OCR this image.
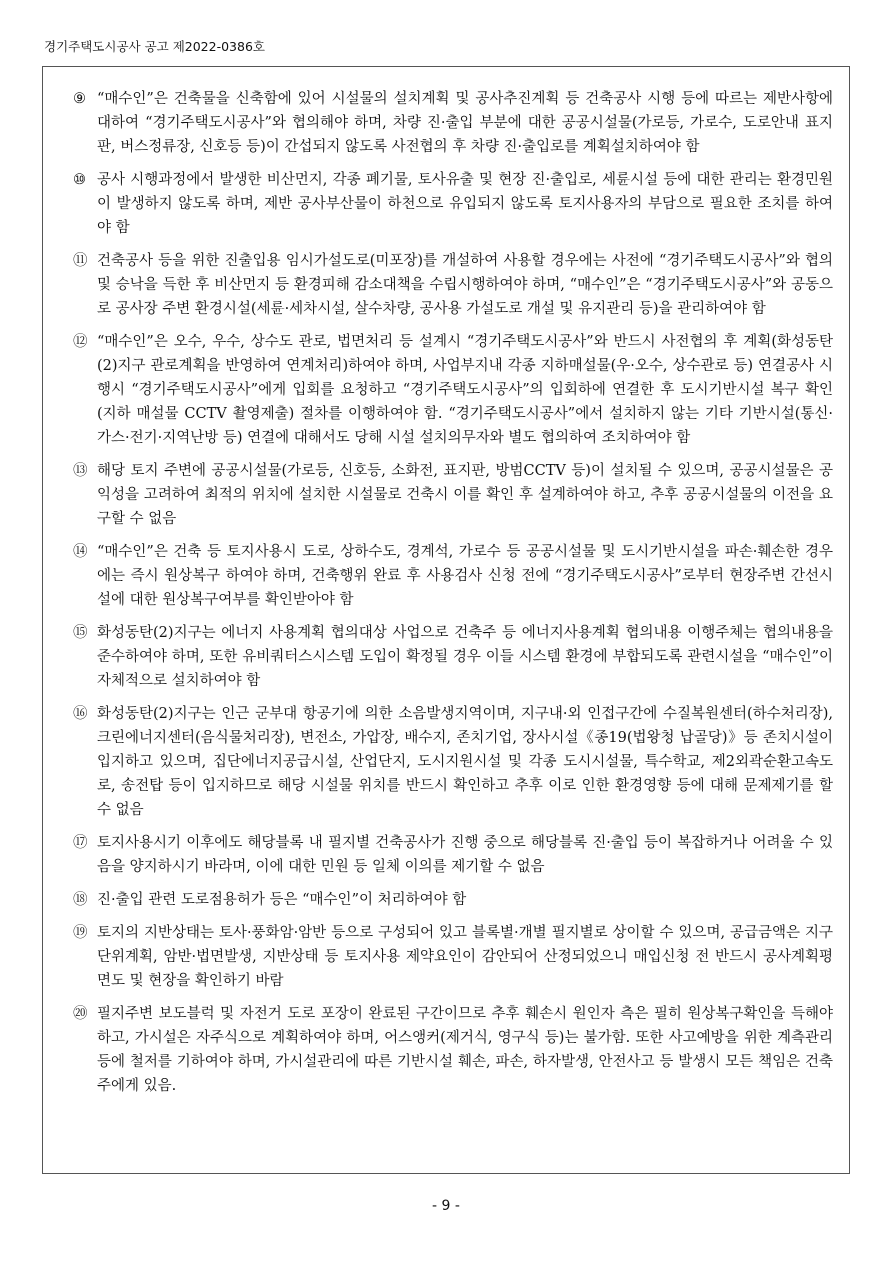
경기주택도시공사 공고 제2022-0386호
⑨ “매수인”은 건축물을 신축함에 있어 시설물의 설치계획 및 공사추진계획 등 건축공사 시행 등에 따르는 제반사항에 대하여 “경기주택도시공사”와 협의해야 하며, 차량 진·출입 부분에 대한 공공시설물(가로등, 가로수, 도로안내 표지판, 버스정류장, 신호등 등)이 간섭되지 않도록 사전협의 후 차량 진·출입로를 계획설치하여야 함
⑩ 공사 시행과정에서 발생한 비산먼지, 각종 폐기물, 토사유출 및 현장 진·출입로, 세륜시설 등에 대한 관리는 환경민원이 발생하지 않도록 하며, 제반 공사부산물이 하천으로 유입되지 않도록 토지사용자의 부담으로 필요한 조치를 하여야 함
⑪ 건축공사 등을 위한 진출입용 임시가설도로(미포장)를 개설하여 사용할 경우에는 사전에 “경기주택도시공사”와 협의 및 승낙을 득한 후 비산먼지 등 환경피해 감소대책을 수립시행하여야 하며, “매수인”은 “경기주택도시공사”와 공동으로 공사장 주변 환경시설(세륜·세차시설, 살수차량, 공사용 가설도로 개설 및 유지관리 등)을 관리하여야 함
⑫ “매수인”은 오수, 우수, 상수도 관로, 법면처리 등 설계시 “경기주택도시공사”와 반드시 사전협의 후 계획(화성동탄(2)지구 관로계획을 반영하여 연계처리)하여야 하며, 사업부지내 각종 지하매설물(우·오수, 상수관로 등) 연결공사 시행시 “경기주택도시공사”에게 입회를 요청하고 “경기주택도시공사”의 입회하에 연결한 후 도시기반시설 복구 확인(지하 매설물 CCTV 촬영제출) 절차를 이행하여야 함. “경기주택도시공사”에서 설치하지 않는 기타 기반시설(통신·가스·전기·지역난방 등) 연결에 대해서도 당해 시설 설치의무자와 별도 협의하여 조치하여야 함
⑬ 해당 토지 주변에 공공시설물(가로등, 신호등, 소화전, 표지판, 방범CCTV 등)이 설치될 수 있으며, 공공시설물은 공익성을 고려하여 최적의 위치에 설치한 시설물로 건축시 이를 확인 후 설계하여야 하고, 추후 공공시설물의 이전을 요구할 수 없음
⑭ “매수인”은 건축 등 토지사용시 도로, 상하수도, 경계석, 가로수 등 공공시설물 및 도시기반시설을 파손·훼손한 경우에는 즉시 원상복구 하여야 하며, 건축행위 완료 후 사용검사 신청 전에 “경기주택도시공사”로부터 현장주변 간선시설에 대한 원상복구여부를 확인받아야 함
⑮ 화성동탄(2)지구는 에너지 사용계획 협의대상 사업으로 건축주 등 에너지사용계획 협의내용 이행주체는 협의내용을 준수하여야 하며, 또한 유비쿼터스시스템 도입이 확정될 경우 이들 시스템 환경에 부합되도록 관련시설을 “매수인”이 자체적으로 설치하여야 함
⑯ 화성동탄(2)지구는 인근 군부대 항공기에 의한 소음발생지역이며, 지구내·외 인접구간에 수질복원센터(하수처리장), 크린에너지센터(음식물처리장), 변전소, 가압장, 배수지, 존치기업, 장사시설《종19(법왕청 납골당)》등 존치시설이 입지하고 있으며, 집단에너지공급시설, 산업단지, 도시지원시설 및 각종 도시시설물, 특수학교, 제2외곽순환고속도로, 송전탑 등이 입지하므로 해당 시설물 위치를 반드시 확인하고 추후 이로 인한 환경영향 등에 대해 문제제기를 할 수 없음
⑰ 토지사용시기 이후에도 해당블록 내 필지별 건축공사가 진행 중으로 해당블록 진·출입 등이 복잡하거나 어려울 수 있음을 양지하시기 바라며, 이에 대한 민원 등 일체 이의를 제기할 수 없음
⑱ 진·출입 관련 도로점용허가 등은 “매수인”이 처리하여야 함
⑲ 토지의 지반상태는 토사·풍화암·암반 등으로 구성되어 있고 블록별·개별 필지별로 상이할 수 있으며, 공급금액은 지구단위계획, 암반·법면발생, 지반상태 등 토지사용 제약요인이 감안되어 산정되었으니 매입신청 전 반드시 공사계획평면도 및 현장을 확인하기 바람
⑳ 필지주변 보도블럭 및 자전거 도로 포장이 완료된 구간이므로 추후 훼손시 원인자 측은 필히 원상복구확인을 득해야하고, 가시설은 자주식으로 계획하여야 하며, 어스앵커(제거식, 영구식 등)는 불가함. 또한 사고예방을 위한 계측관리 등에 철저를 기하여야 하며, 가시설관리에 따른 기반시설 훼손, 파손, 하자발생, 안전사고 등 발생시 모든 책임은 건축주에게 있음.
- 9 -
